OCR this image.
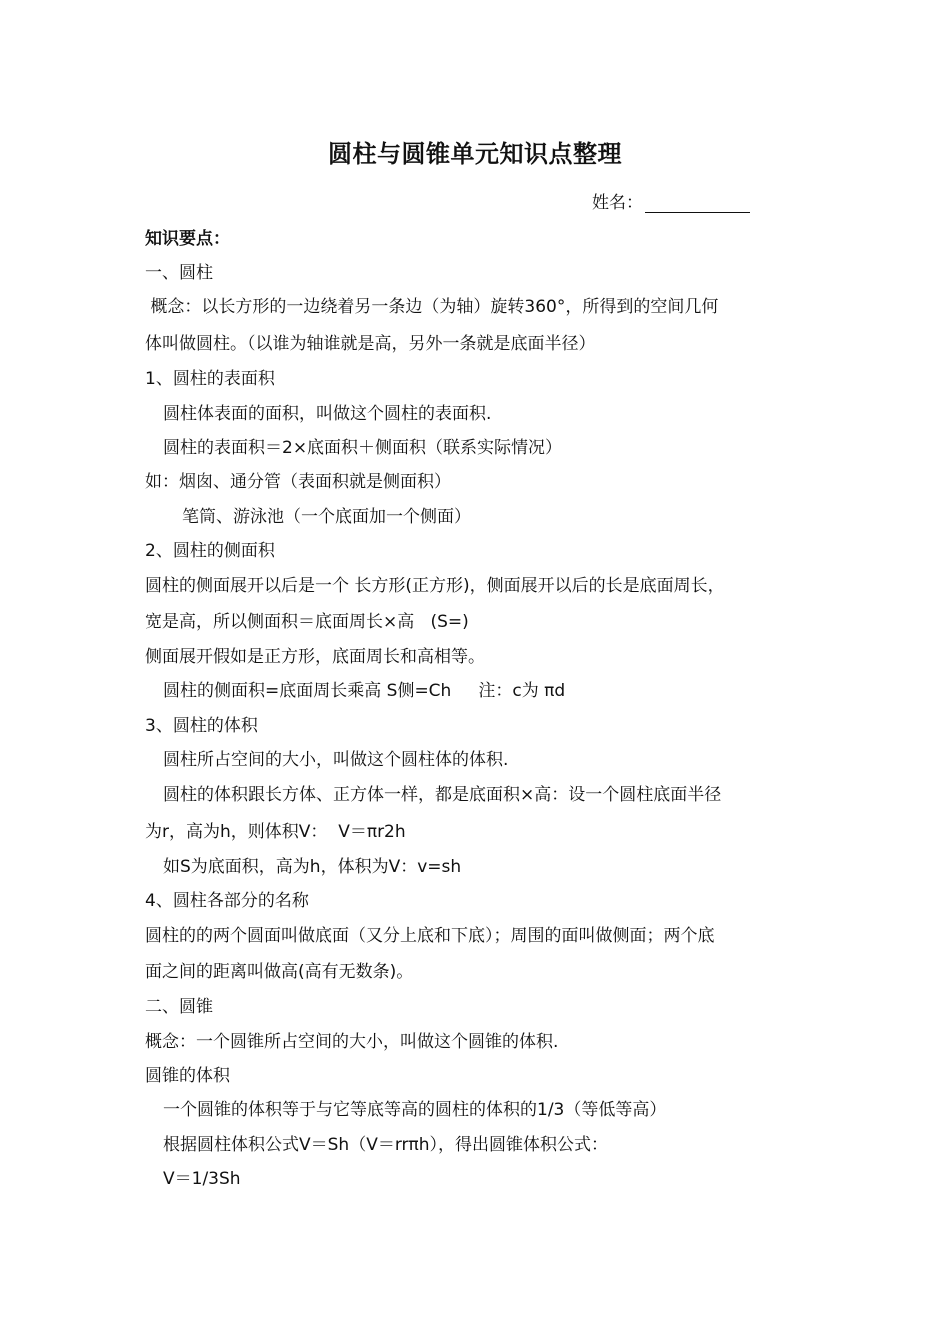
圆柱与圆锥单元知识点整理
姓名：
知识要点：
一、圆柱
概念：以长方形的一边绕着另一条边（为轴）旋转360°，所得到的空间几何
体叫做圆柱。（以谁为轴谁就是高，另外一条就是底面半径）
1、圆柱的表面积
圆柱体表面的面积，叫做这个圆柱的表面积.
圆柱的表面积＝2×底面积＋侧面积（联系实际情况）
如：烟囱、通分管（表面积就是侧面积）
笔筒、游泳池（一个底面加一个侧面）
2、圆柱的侧面积
圆柱的侧面展开以后是一个 长方形(正方形)，侧面展开以后的长是底面周长，
宽是高，所以侧面积＝底面周长×高   (S=)
侧面展开假如是正方形，底面周长和高相等。
圆柱的侧面积=底面周长乘高 S侧=Ch     注：c为 πd
3、圆柱的体积
圆柱所占空间的大小，叫做这个圆柱体的体积.
圆柱的体积跟长方体、正方体一样，都是底面积×高：设一个圆柱底面半径
为r，高为h，则体积V：  V＝πr2h
如S为底面积，高为h，体积为V：v=sh
4、圆柱各部分的名称
圆柱的的两个圆面叫做底面（又分上底和下底）；周围的面叫做侧面；两个底
面之间的距离叫做高(高有无数条)。
二、圆锥
概念：一个圆锥所占空间的大小，叫做这个圆锥的体积.
圆锥的体积
一个圆锥的体积等于与它等底等高的圆柱的体积的1/3（等低等高）
根据圆柱体积公式V＝Sh（V＝rrπh），得出圆锥体积公式：
V＝1/3Sh
